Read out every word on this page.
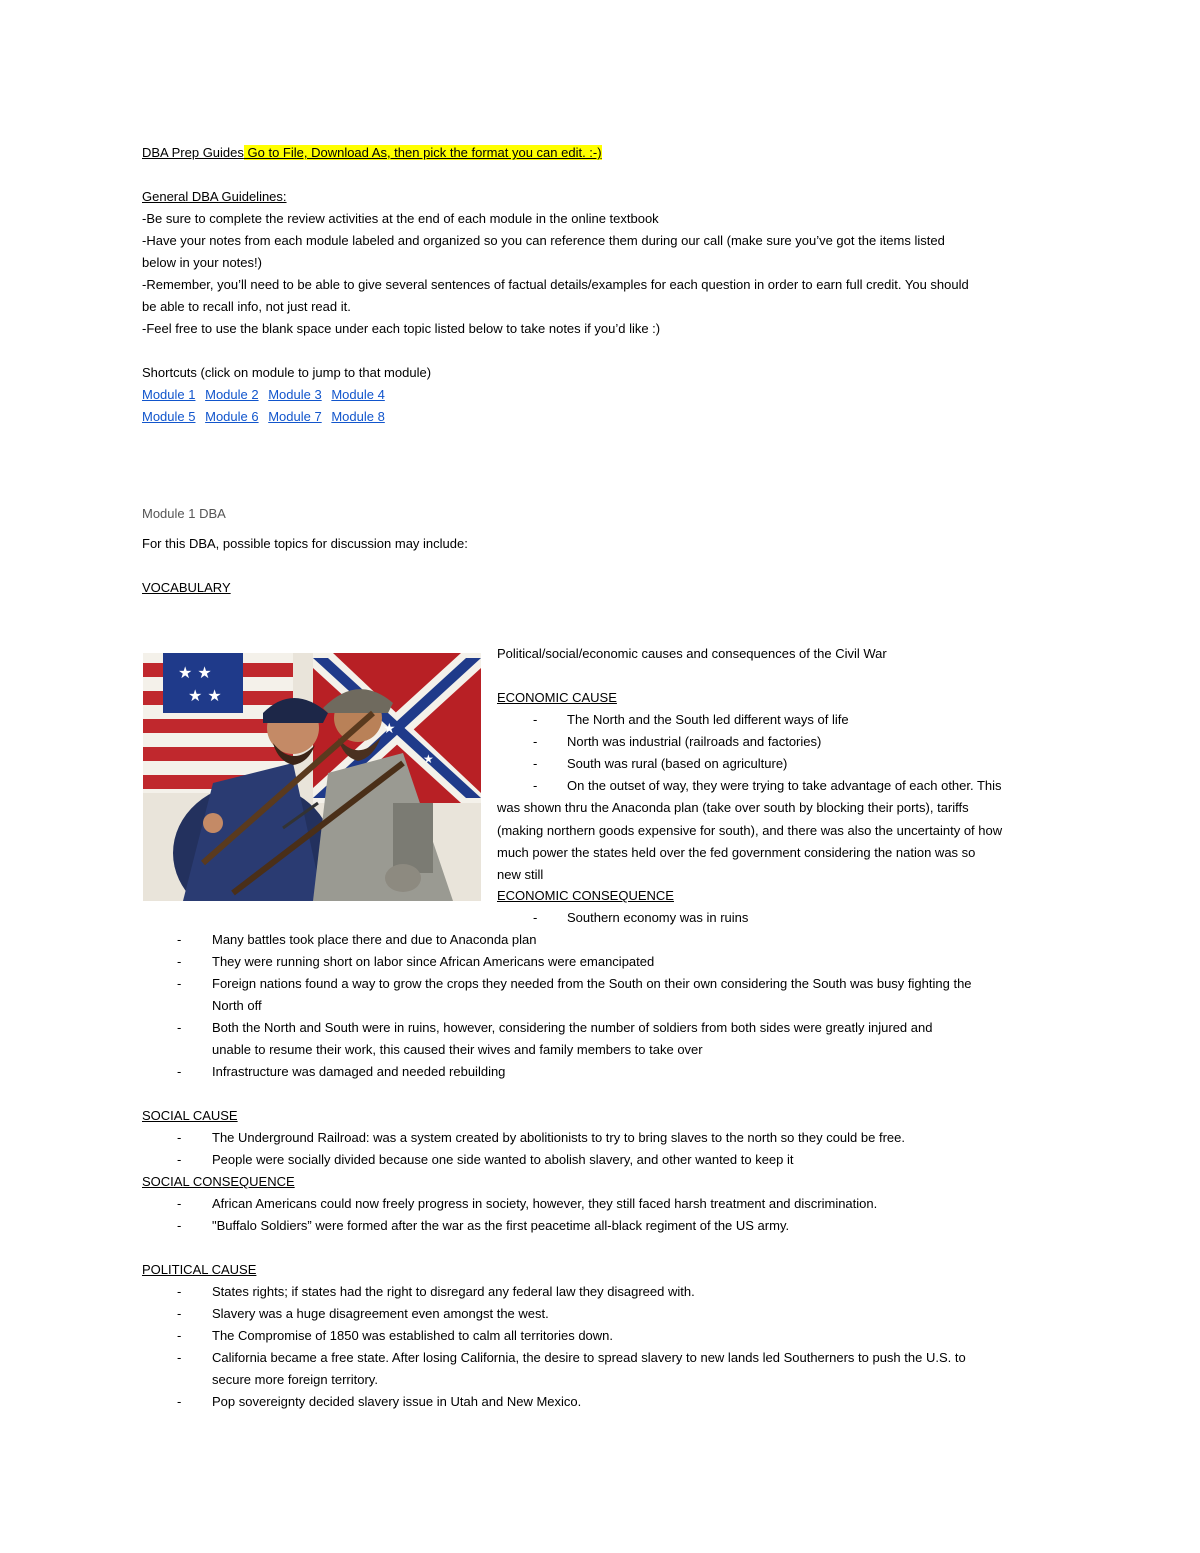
DBA Prep Guides Go to File, Download As, then pick the format you can edit. :-)
General DBA Guidelines:
-Be sure to complete the review activities at the end of each module in the online textbook
-Have your notes from each module labeled and organized so you can reference them during our call (make sure you’ve got the items listed
below in your notes!)
-Remember, you’ll need to be able to give several sentences of factual details/examples for each question in order to earn full credit. You should
be able to recall info, not just read it.
-Feel free to use the blank space under each topic listed below to take notes if you’d like :)
Shortcuts (click on module to jump to that module)
Module 1 Module 2 Module 3 Module 4
Module 5 Module 6 Module 7 Module 8
Module 1 DBA
For this DBA, possible topics for discussion may include:
VOCABULARY
★ ★
★ ★
★
★
Political/social/economic causes and consequences of the Civil War
ECONOMIC CAUSE
- The North and the South led different ways of life
- North was industrial (railroads and factories)
- South was rural (based on agriculture)
- On the outset of way, they were trying to take advantage of each other. This
was shown thru the Anaconda plan (take over south by blocking their ports), tariffs
(making northern goods expensive for south), and there was also the uncertainty of how
much power the states held over the fed government considering the nation was so
new still
ECONOMIC CONSEQUENCE
- Southern economy was in ruins
- Many battles took place there and due to Anaconda plan
- They were running short on labor since African Americans were emancipated
- Foreign nations found a way to grow the crops they needed from the South on their own considering the South was busy fighting the
North off
- Both the North and South were in ruins, however, considering the number of soldiers from both sides were greatly injured and
unable to resume their work, this caused their wives and family members to take over
- Infrastructure was damaged and needed rebuilding
SOCIAL CAUSE
- The Underground Railroad: was a system created by abolitionists to try to bring slaves to the north so they could be free.
- People were socially divided because one side wanted to abolish slavery, and other wanted to keep it
SOCIAL CONSEQUENCE
- African Americans could now freely progress in society, however, they still faced harsh treatment and discrimination.
- "Buffalo Soldiers” were formed after the war as the first peacetime all-black regiment of the US army.
POLITICAL CAUSE
- States rights; if states had the right to disregard any federal law they disagreed with.
- Slavery was a huge disagreement even amongst the west.
- The Compromise of 1850 was established to calm all territories down.
- California became a free state. After losing California, the desire to spread slavery to new lands led Southerners to push the U.S. to
secure more foreign territory.
- Pop sovereignty decided slavery issue in Utah and New Mexico.
